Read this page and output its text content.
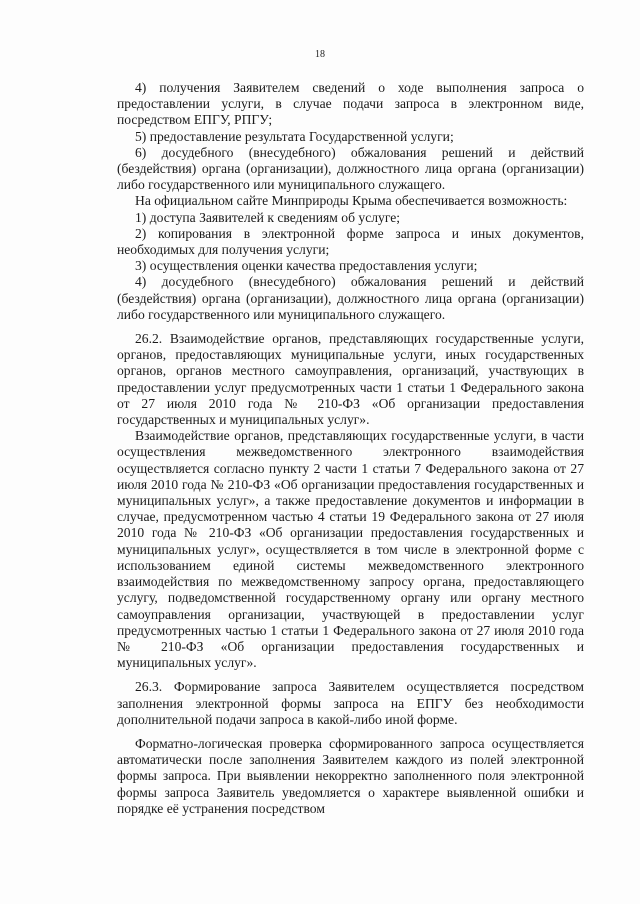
18

4) получения Заявителем сведений о ходе выполнения запроса о предоставлении услуги, в случае подачи запроса в электронном виде, посредством ЕПГУ, РПГУ;

5) предоставление результата Государственной услуги;

6) досудебного (внесудебного) обжалования решений и действий (бездействия) органа (организации), должностного лица органа (организации) либо государственного или муниципального служащего.

На официальном сайте Минприроды Крыма обеспечивается возможность:

1) доступа Заявителей к сведениям об услуге;

2) копирования в электронной форме запроса и иных документов, необходимых для получения услуги;

3) осуществления оценки качества предоставления услуги;

4) досудебного (внесудебного) обжалования решений и действий (бездействия) органа (организации), должностного лица органа (организации) либо государственного или муниципального служащего.

26.2. Взаимодействие органов, представляющих государственные услуги, органов, предоставляющих муниципальные услуги, иных государственных органов, органов местного самоуправления, организаций, участвующих в предоставлении услуг предусмотренных части 1 статьи 1 Федерального закона от 27 июля 2010 года № 210-ФЗ «Об организации предоставления государственных и муниципальных услуг».

Взаимодействие органов, представляющих государственные услуги, в части осуществления межведомственного электронного взаимодействия осуществляется согласно пункту 2 части 1 статьи 7 Федерального закона от 27 июля 2010 года № 210-ФЗ «Об организации предоставления государственных и муниципальных услуг», а также предоставление документов и информации в случае, предусмотренном частью 4 статьи 19 Федерального закона от 27 июля 2010 года № 210-ФЗ «Об организации предоставления государственных и муниципальных услуг», осуществляется в том числе в электронной форме с использованием единой системы межведомственного электронного взаимодействия по межведомственному запросу органа, предоставляющего услугу, подведомственной государственному органу или органу местного самоуправления организации, участвующей в предоставлении услуг предусмотренных частью 1 статьи 1 Федерального закона от 27 июля 2010 года № 210-ФЗ «Об организации предоставления государственных и муниципальных услуг».

26.3. Формирование запроса Заявителем осуществляется посредством заполнения электронной формы запроса на ЕПГУ без необходимости дополнительной подачи запроса в какой-либо иной форме.

Форматно-логическая проверка сформированного запроса осуществляется автоматически после заполнения Заявителем каждого из полей электронной формы запроса. При выявлении некорректно заполненного поля электронной формы запроса Заявитель уведомляется о характере выявленной ошибки и порядке её устранения посредством
